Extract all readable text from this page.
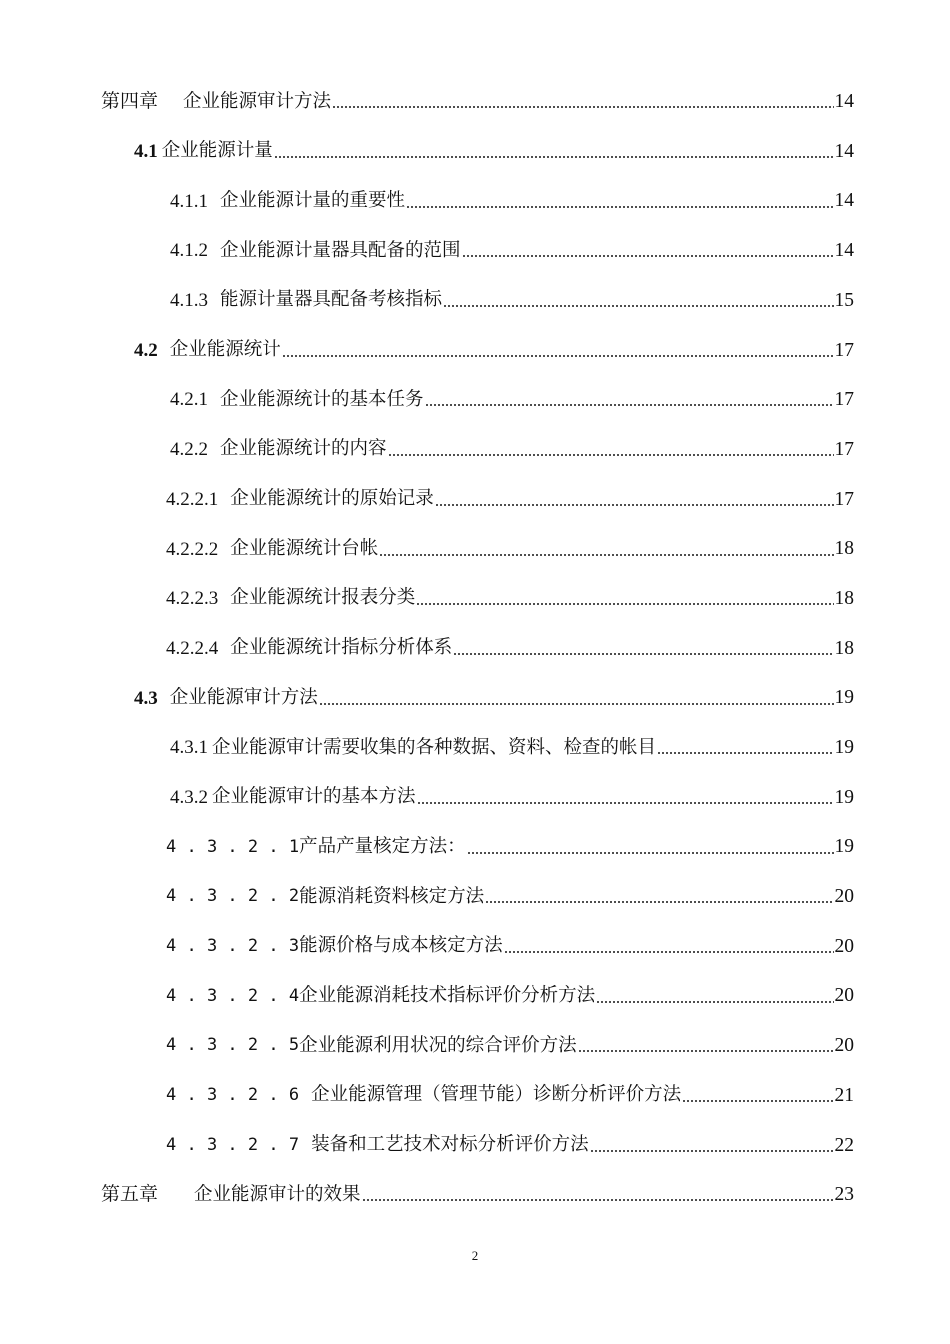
第四章 企业能源审计方法	14
4.1 企业能源计量	14
4.1.1 企业能源计量的重要性	14
4.1.2 企业能源计量器具配备的范围	14
4.1.3 能源计量器具配备考核指标	15
4.2 企业能源统计	17
4.2.1 企业能源统计的基本任务	17
4.2.2 企业能源统计的内容	17
4.2.2.1 企业能源统计的原始记录	17
4.2.2.2 企业能源统计台帐	18
4.2.2.3 企业能源统计报表分类	18
4.2.2.4 企业能源统计指标分析体系	18
4.3 企业能源审计方法	19
4.3.1 企业能源审计需要收集的各种数据、资料、检查的帐目	19
4.3.2 企业能源审计的基本方法	19
4 . 3 . 2 . 1 产品产量核定方法：	19
4 . 3 . 2 . 2 能源消耗资料核定方法	20
4 . 3 . 2 . 3 能源价格与成本核定方法	20
4 . 3 . 2 . 4 企业能源消耗技术指标评价分析方法	20
4 . 3 . 2 . 5 企业能源利用状况的综合评价方法	20
4 . 3 . 2 . 6 企业能源管理（管理节能）诊断分析评价方法	21
4 . 3 . 2 . 7 装备和工艺技术对标分析评价方法	22
第五章 企业能源审计的效果	23
2
